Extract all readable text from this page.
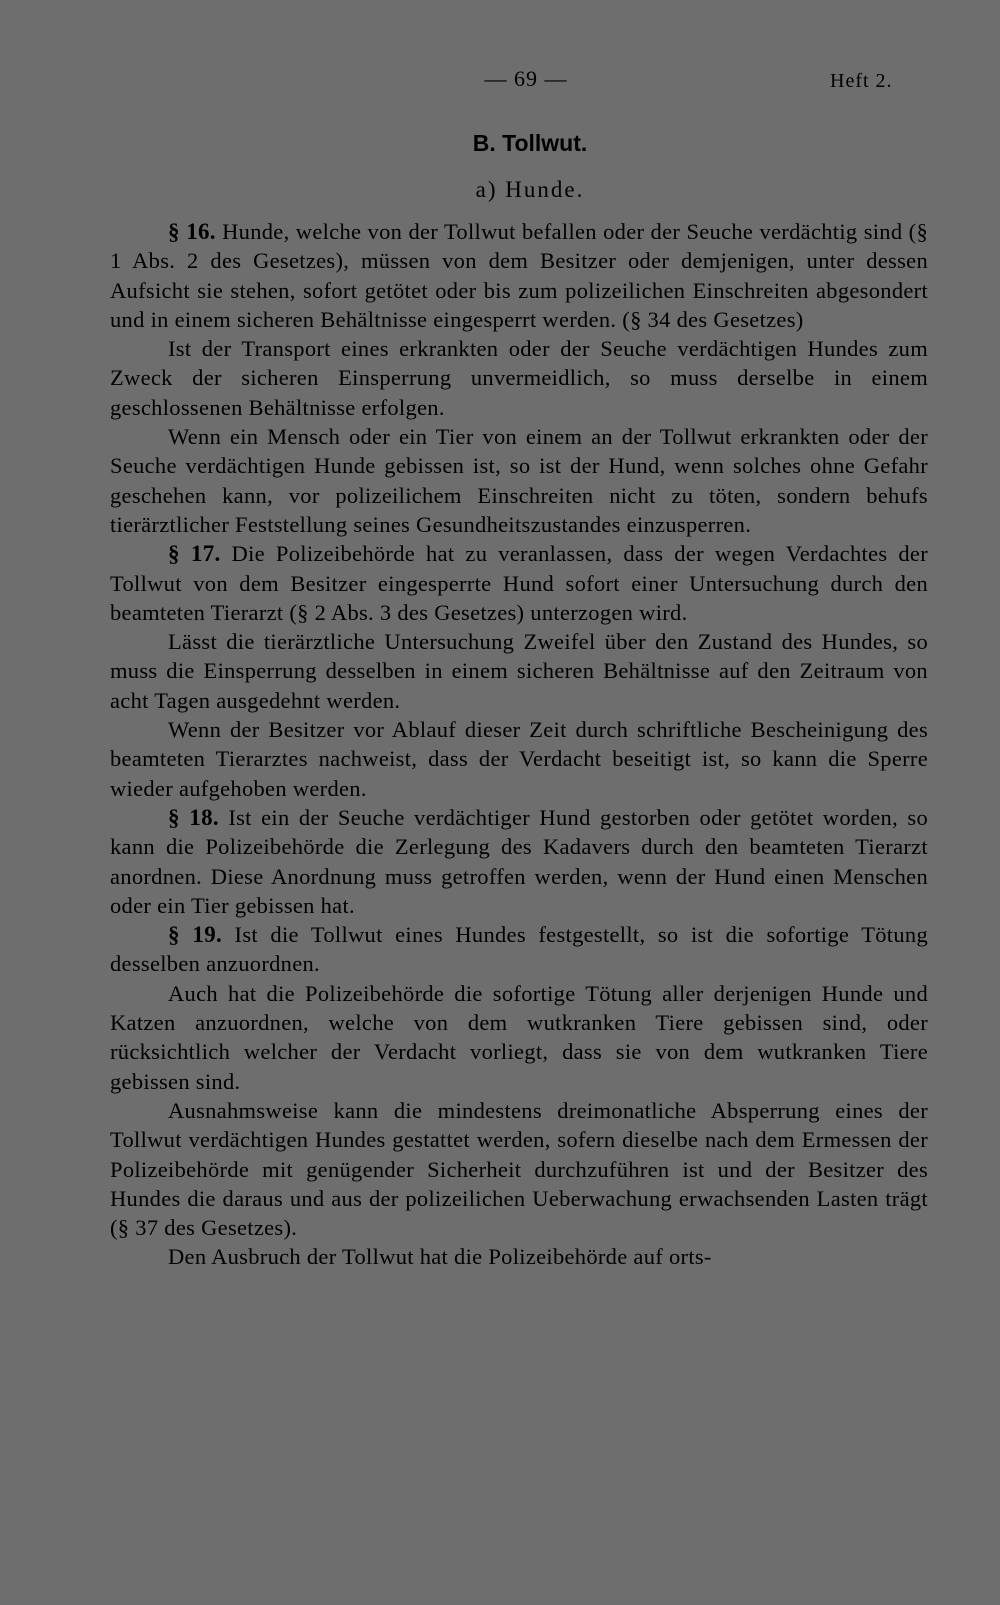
— 69 —	Heft 2.
B. Tollwut.
a) Hunde.

§ 16. Hunde, welche von der Tollwut befallen oder der Seuche verdächtig sind (§ 1 Abs. 2 des Gesetzes), müssen von dem Besitzer oder demjenigen, unter dessen Aufsicht sie stehen, sofort getötet oder bis zum polizeilichen Einschreiten abgesondert und in einem sicheren Behältnisse eingesperrt werden. (§ 34 des Gesetzes)

Ist der Transport eines erkrankten oder der Seuche verdächtigen Hundes zum Zweck der sicheren Einsperrung unvermeidlich, so muss derselbe in einem geschlossenen Behältnisse erfolgen.

Wenn ein Mensch oder ein Tier von einem an der Tollwut erkrankten oder der Seuche verdächtigen Hunde gebissen ist, so ist der Hund, wenn solches ohne Gefahr geschehen kann, vor polizeilichem Einschreiten nicht zu töten, sondern behufs tierärztlicher Feststellung seines Gesundheitszustandes einzusperren.

§ 17. Die Polizeibehörde hat zu veranlassen, dass der wegen Verdachtes der Tollwut von dem Besitzer eingesperrte Hund sofort einer Untersuchung durch den beamteten Tierarzt (§ 2 Abs. 3 des Gesetzes) unterzogen wird.

Lässt die tierärztliche Untersuchung Zweifel über den Zustand des Hundes, so muss die Einsperrung desselben in einem sicheren Behältnisse auf den Zeitraum von acht Tagen ausgedehnt werden.

Wenn der Besitzer vor Ablauf dieser Zeit durch schriftliche Bescheinigung des beamteten Tierarztes nachweist, dass der Verdacht beseitigt ist, so kann die Sperre wieder aufgehoben werden.

§ 18. Ist ein der Seuche verdächtiger Hund gestorben oder getötet worden, so kann die Polizeibehörde die Zerlegung des Kadavers durch den beamteten Tierarzt anordnen. Diese Anordnung muss getroffen werden, wenn der Hund einen Menschen oder ein Tier gebissen hat.

§ 19. Ist die Tollwut eines Hundes festgestellt, so ist die sofortige Tötung desselben anzuordnen.

Auch hat die Polizeibehörde die sofortige Tötung aller derjenigen Hunde und Katzen anzuordnen, welche von dem wutkranken Tiere gebissen sind, oder rücksichtlich welcher der Verdacht vorliegt, dass sie von dem wutkranken Tiere gebissen sind.

Ausnahmsweise kann die mindestens dreimonatliche Absperrung eines der Tollwut verdächtigen Hundes gestattet werden, sofern dieselbe nach dem Ermessen der Polizeibehörde mit genügender Sicherheit durchzuführen ist und der Besitzer des Hundes die daraus und aus der polizeilichen Ueberwachung erwachsenden Lasten trägt (§ 37 des Gesetzes).

Den Ausbruch der Tollwut hat die Polizeibehörde auf orts-
